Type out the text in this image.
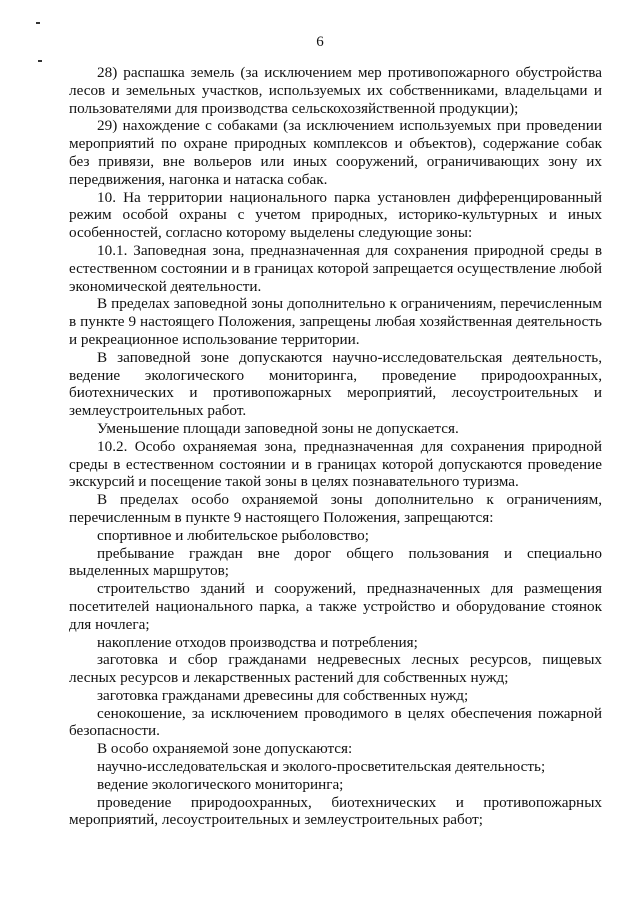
6

28) распашка земель (за исключением мер противопожарного обустройства лесов и земельных участков, используемых их собственниками, владельцами и пользователями для производства сельскохозяйственной продукции);

29) нахождение с собаками (за исключением используемых при проведении мероприятий по охране природных комплексов и объектов), содержание собак без привязи, вне вольеров или иных сооружений, ограничивающих зону их передвижения, нагонка и натаска собак.

10. На территории национального парка установлен дифференцированный режим особой охраны с учетом природных, историко-культурных и иных особенностей, согласно которому выделены следующие зоны:

10.1. Заповедная зона, предназначенная для сохранения природной среды в естественном состоянии и в границах которой запрещается осуществление любой экономической деятельности.

В пределах заповедной зоны дополнительно к ограничениям, перечисленным в пункте 9 настоящего Положения, запрещены любая хозяйственная деятельность и рекреационное использование территории.

В заповедной зоне допускаются научно-исследовательская деятельность, ведение экологического мониторинга, проведение природоохранных, биотехнических и противопожарных мероприятий, лесоустроительных и землеустроительных работ.

Уменьшение площади заповедной зоны не допускается.

10.2. Особо охраняемая зона, предназначенная для сохранения природной среды в естественном состоянии и в границах которой допускаются проведение экскурсий и посещение такой зоны в целях познавательного туризма.

В пределах особо охраняемой зоны дополнительно к ограничениям, перечисленным в пункте 9 настоящего Положения, запрещаются:

спортивное и любительское рыболовство;

пребывание граждан вне дорог общего пользования и специально выделенных маршрутов;

строительство зданий и сооружений, предназначенных для размещения посетителей национального парка, а также устройство и оборудование стоянок для ночлега;

накопление отходов производства и потребления;

заготовка и сбор гражданами недревесных лесных ресурсов, пищевых лесных ресурсов и лекарственных растений для собственных нужд;

заготовка гражданами древесины для собственных нужд;

сенокошение, за исключением проводимого в целях обеспечения пожарной безопасности.

В особо охраняемой зоне допускаются:

научно-исследовательская и эколого-просветительская деятельность;

ведение экологического мониторинга;

проведение природоохранных, биотехнических и противопожарных мероприятий, лесоустроительных и землеустроительных работ;
